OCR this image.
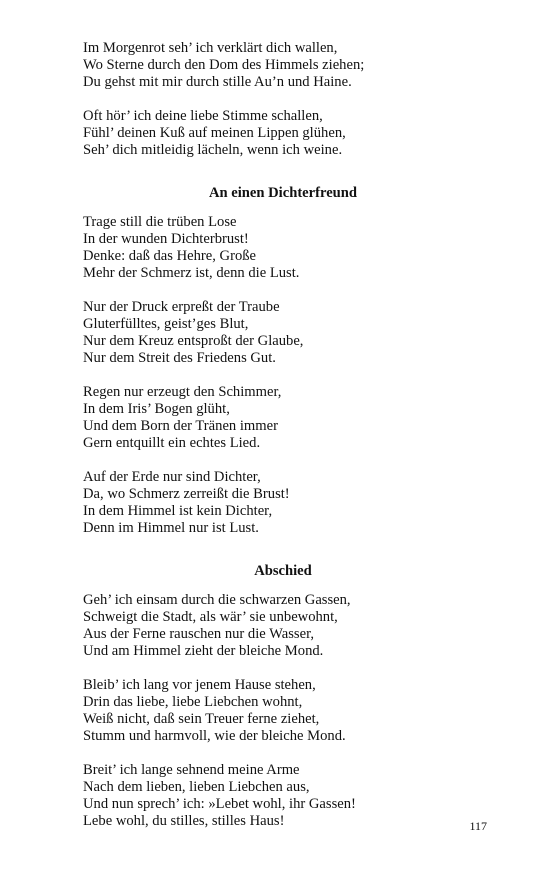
Im Morgenrot seh’ ich verklärt dich wallen,
Wo Sterne durch den Dom des Himmels ziehen;
Du gehst mit mir durch stille Au’n und Haine.
Oft hör’ ich deine liebe Stimme schallen,
Fühl’ deinen Kuß auf meinen Lippen glühen,
Seh’ dich mitleidig lächeln, wenn ich weine.
An einen Dichterfreund
Trage still die trüben Lose
In der wunden Dichterbrust!
Denke: daß das Hehre, Große
Mehr der Schmerz ist, denn die Lust.
Nur der Druck erpreßt der Traube
Gluterfülltes, geist’ges Blut,
Nur dem Kreuz entsproßt der Glaube,
Nur dem Streit des Friedens Gut.
Regen nur erzeugt den Schimmer,
In dem Iris’ Bogen glüht,
Und dem Born der Tränen immer
Gern entquillt ein echtes Lied.
Auf der Erde nur sind Dichter,
Da, wo Schmerz zerreißt die Brust!
In dem Himmel ist kein Dichter,
Denn im Himmel nur ist Lust.
Abschied
Geh’ ich einsam durch die schwarzen Gassen,
Schweigt die Stadt, als wär’ sie unbewohnt,
Aus der Ferne rauschen nur die Wasser,
Und am Himmel zieht der bleiche Mond.
Bleib’ ich lang vor jenem Hause stehen,
Drin das liebe, liebe Liebchen wohnt,
Weiß nicht, daß sein Treuer ferne ziehet,
Stumm und harmvoll, wie der bleiche Mond.
Breit’ ich lange sehnend meine Arme
Nach dem lieben, lieben Liebchen aus,
Und nun sprech’ ich: »Lebet wohl, ihr Gassen!
Lebe wohl, du stilles, stilles Haus!	117
